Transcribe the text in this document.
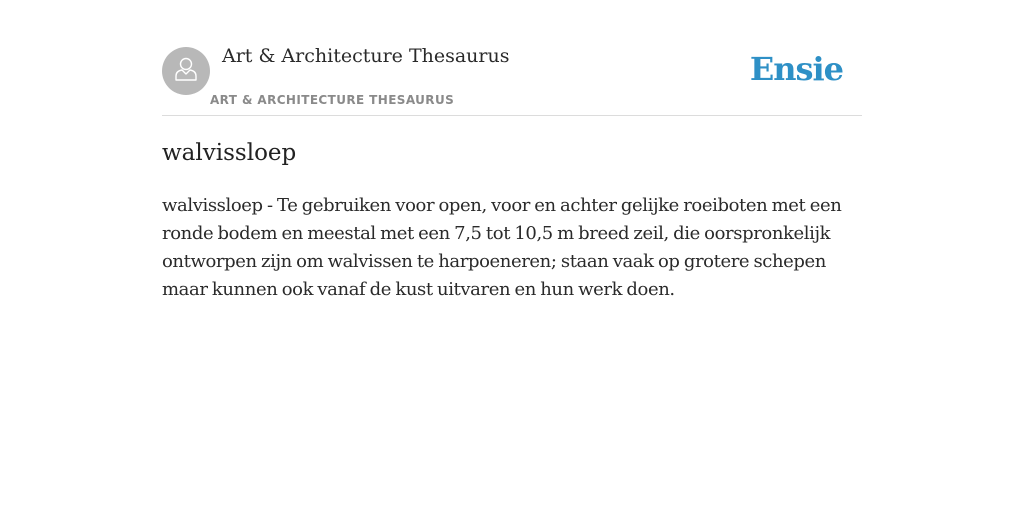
Art & Architecture Thesaurus
ART & ARCHITECTURE THESAURUS
Ensie
walvissloep
walvissloep - Te gebruiken voor open, voor en achter gelijke roeiboten met een ronde bodem en meestal met een 7,5 tot 10,5 m breed zeil, die oorspronkelijk ontworpen zijn om walvissen te harpoeneren; staan vaak op grotere schepen maar kunnen ook vanaf de kust uitvaren en hun werk doen.
